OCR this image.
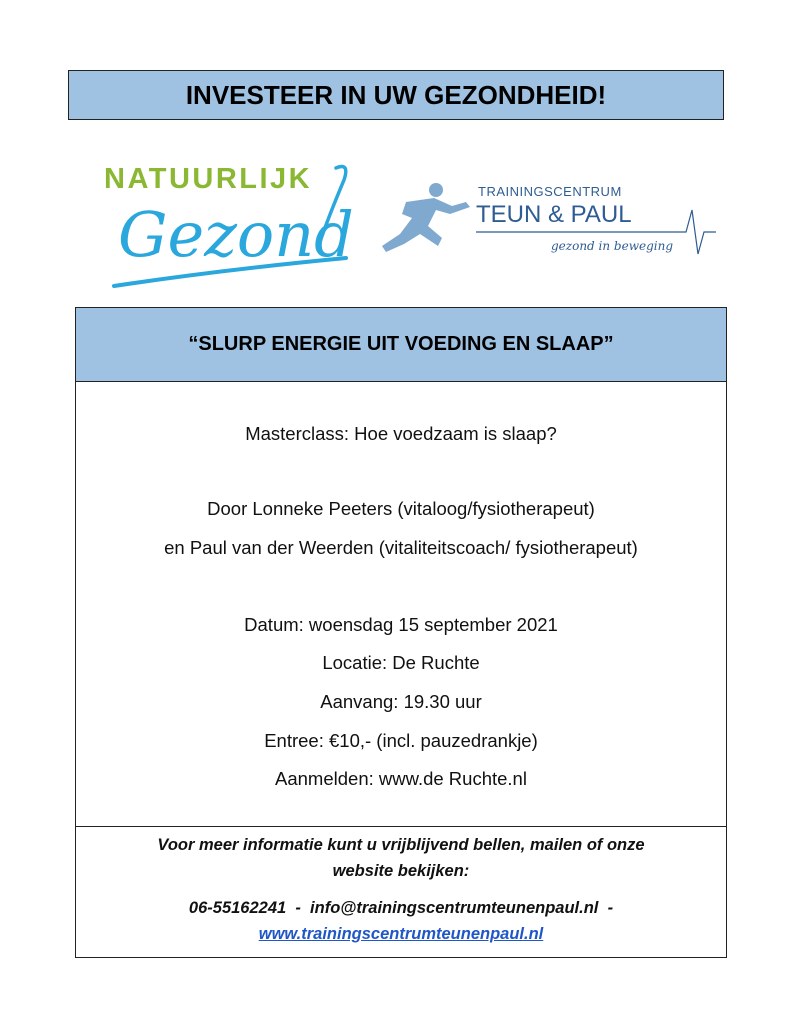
INVESTEER IN UW GEZONDHEID!
NATUURLIJK
Gezond
TRAININGSCENTRUM
TEUN & PAUL
gezond in beweging
“SLURP ENERGIE UIT VOEDING EN SLAAP”
Masterclass: Hoe voedzaam is slaap?
Door Lonneke Peeters (vitaloog/fysiotherapeut)
en Paul van der Weerden (vitaliteitscoach/ fysiotherapeut)
Datum: woensdag 15 september 2021
Locatie: De Ruchte
Aanvang: 19.30 uur
Entree: €10,- (incl. pauzedrankje)
Aanmelden: www.de Ruchte.nl
Voor meer informatie kunt u vrijblijvend bellen, mailen of onze
website bekijken:
06-55162241 - info@trainingscentrumteunenpaul.nl -
www.trainingscentrumteunenpaul.nl
